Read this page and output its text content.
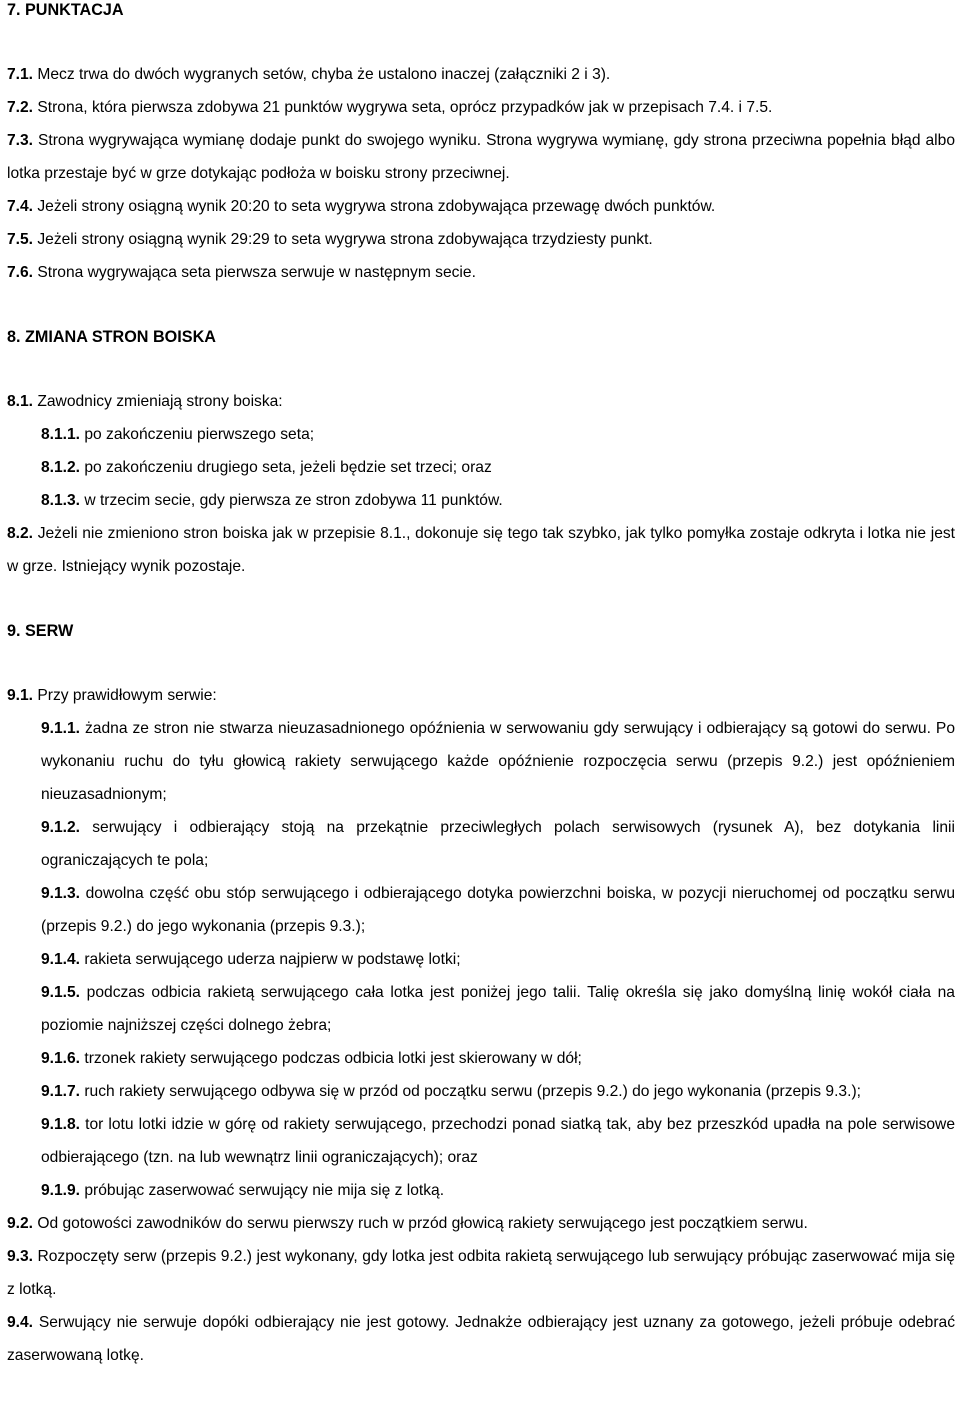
7. PUNKTACJA
7.1. Mecz trwa do dwóch wygranych setów, chyba że ustalono inaczej (załączniki 2 i 3).
7.2. Strona, która pierwsza zdobywa 21 punktów wygrywa seta, oprócz przypadków jak w przepisach 7.4. i 7.5.
7.3. Strona wygrywająca wymianę dodaje punkt do swojego wyniku. Strona wygrywa wymianę, gdy strona przeciwna popełnia błąd albo lotka przestaje być w grze dotykając podłoża w boisku strony przeciwnej.
7.4. Jeżeli strony osiągną wynik 20:20 to seta wygrywa strona zdobywająca przewagę dwóch punktów.
7.5. Jeżeli strony osiągną wynik 29:29 to seta wygrywa strona zdobywająca trzydziesty punkt.
7.6. Strona wygrywająca seta pierwsza serwuje w następnym secie.
8. ZMIANA STRON BOISKA
8.1. Zawodnicy zmieniają strony boiska:
8.1.1. po zakończeniu pierwszego seta;
8.1.2. po zakończeniu drugiego seta, jeżeli będzie set trzeci; oraz
8.1.3. w trzecim secie, gdy pierwsza ze stron zdobywa 11 punktów.
8.2. Jeżeli nie zmieniono stron boiska jak w przepisie 8.1., dokonuje się tego tak szybko, jak tylko pomyłka zostaje odkryta i lotka nie jest w grze. Istniejący wynik pozostaje.
9. SERW
9.1. Przy prawidłowym serwie:
9.1.1. żadna ze stron nie stwarza nieuzasadnionego opóźnienia w serwowaniu gdy serwujący i odbierający są gotowi do serwu. Po wykonaniu ruchu do tyłu głowicą rakiety serwującego każde opóźnienie rozpoczęcia serwu (przepis 9.2.) jest opóźnieniem nieuzasadnionym;
9.1.2. serwujący i odbierający stoją na przekątnie przeciwległych polach serwisowych (rysunek A), bez dotykania linii ograniczających te pola;
9.1.3. dowolna część obu stóp serwującego i odbierającego dotyka powierzchni boiska, w pozycji nieruchomej od początku serwu (przepis 9.2.) do jego wykonania (przepis 9.3.);
9.1.4. rakieta serwującego uderza najpierw w podstawę lotki;
9.1.5. podczas odbicia rakietą serwującego cała lotka jest poniżej jego talii. Talię określa się jako domyślną linię wokół ciała na poziomie najniższej części dolnego żebra;
9.1.6. trzonek rakiety serwującego podczas odbicia lotki jest skierowany w dół;
9.1.7. ruch rakiety serwującego odbywa się w przód od początku serwu (przepis 9.2.) do jego wykonania (przepis 9.3.);
9.1.8. tor lotu lotki idzie w górę od rakiety serwującego, przechodzi ponad siatką tak, aby bez przeszkód upadła na pole serwisowe odbierającego (tzn. na lub wewnątrz linii ograniczających); oraz
9.1.9. próbując zaserwować serwujący nie mija się z lotką.
9.2. Od gotowości zawodników do serwu pierwszy ruch w przód głowicą rakiety serwującego jest początkiem serwu.
9.3. Rozpoczęty serw (przepis 9.2.) jest wykonany, gdy lotka jest odbita rakietą serwującego lub serwujący próbując zaserwować mija się z lotką.
9.4. Serwujący nie serwuje dopóki odbierający nie jest gotowy. Jednakże odbierający jest uznany za gotowego, jeżeli próbuje odebrać zaserwowaną lotkę.
